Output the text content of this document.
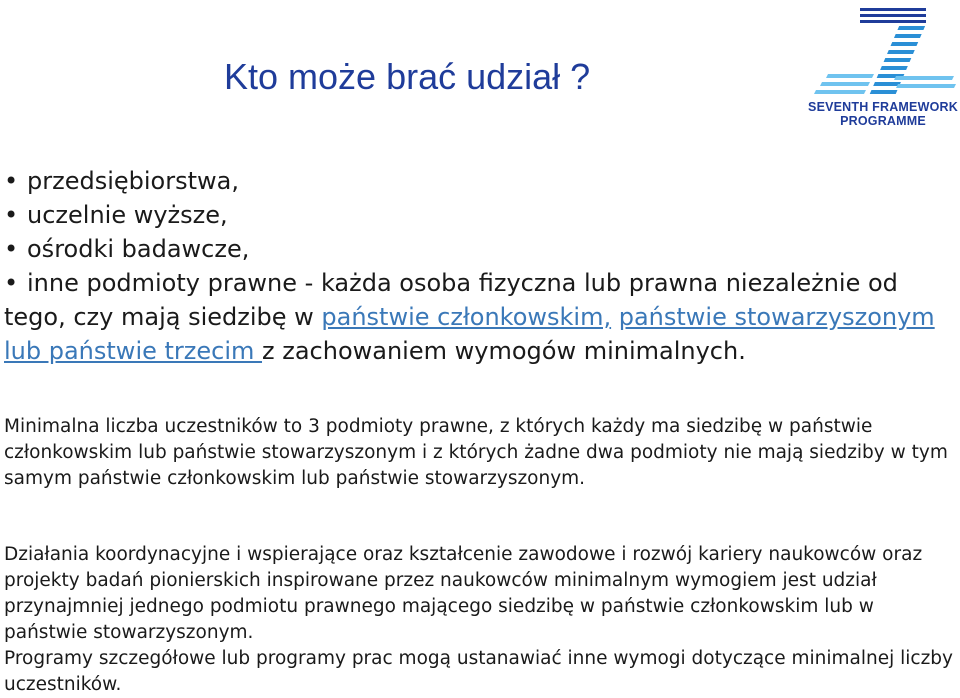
Kto może brać udział ?
SEVENTH FRAMEWORK
PROGRAMME
• przedsiębiorstwa,
• uczelnie wyższe,
• ośrodki badawcze,

• inne podmioty prawne - każda osoba fizyczna lub prawna niezależnie od tego, czy mają siedzibę w państwie członkowskim, państwie stowarzyszonym lub państwie trzecim z zachowaniem wymogów minimalnych.

Minimalna liczba uczestników to 3 podmioty prawne, z których każdy ma siedzibę w państwie członkowskim lub państwie stowarzyszonym i z których żadne dwa podmioty nie mają siedziby w tym samym państwie członkowskim lub państwie stowarzyszonym.

Działania koordynacyjne i wspierające oraz kształcenie zawodowe i rozwój kariery naukowców oraz projekty badań pionierskich inspirowane przez naukowców minimalnym wymogiem jest udział przynajmniej jednego podmiotu prawnego mającego siedzibę w państwie członkowskim lub w państwie stowarzyszonym.
Programy szczegółowe lub programy prac mogą ustanawiać inne wymogi dotyczące minimalnej liczby uczestników.
